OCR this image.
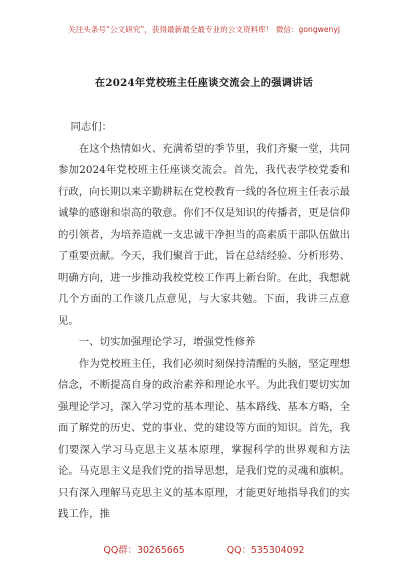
关注头条号“公文研究”，获得最新最全最专业的公文资料库！ 微信：gongwenyj
在2024年党校班主任座谈交流会上的强调讲话

同志们：

在这个热情如火、充满希望的季节里，我们齐聚一堂，共同参加2024年党校班主任座谈交流会。首先，我代表学校党委和行政，向长期以来辛勤耕耘在党校教育一线的各位班主任表示最诚挚的感谢和崇高的敬意。你们不仅是知识的传播者，更是信仰的引领者，为培养造就一支忠诚干净担当的高素质干部队伍做出了重要贡献。今天，我们聚首于此，旨在总结经验、分析形势、明确方向，进一步推动我校党校工作再上新台阶。在此，我想就几个方面的工作谈几点意见，与大家共勉。下面，我讲三点意见。

一、切实加强理论学习，增强党性修养

作为党校班主任，我们必须时刻保持清醒的头脑，坚定理想信念，不断提高自身的政治素养和理论水平。为此我们要切实加强理论学习，深入学习党的基本理论、基本路线、基本方略，全面了解党的历史、党的事业、党的建设等方面的知识。首先，我们要深入学习马克思主义基本原理，掌握科学的世界观和方法论。马克思主义是我们党的指导思想，是我们党的灵魂和旗帜。只有深入理解马克思主义的基本原理，才能更好地指导我们的实践工作，推

QQ群：30265665	QQ：535304092
